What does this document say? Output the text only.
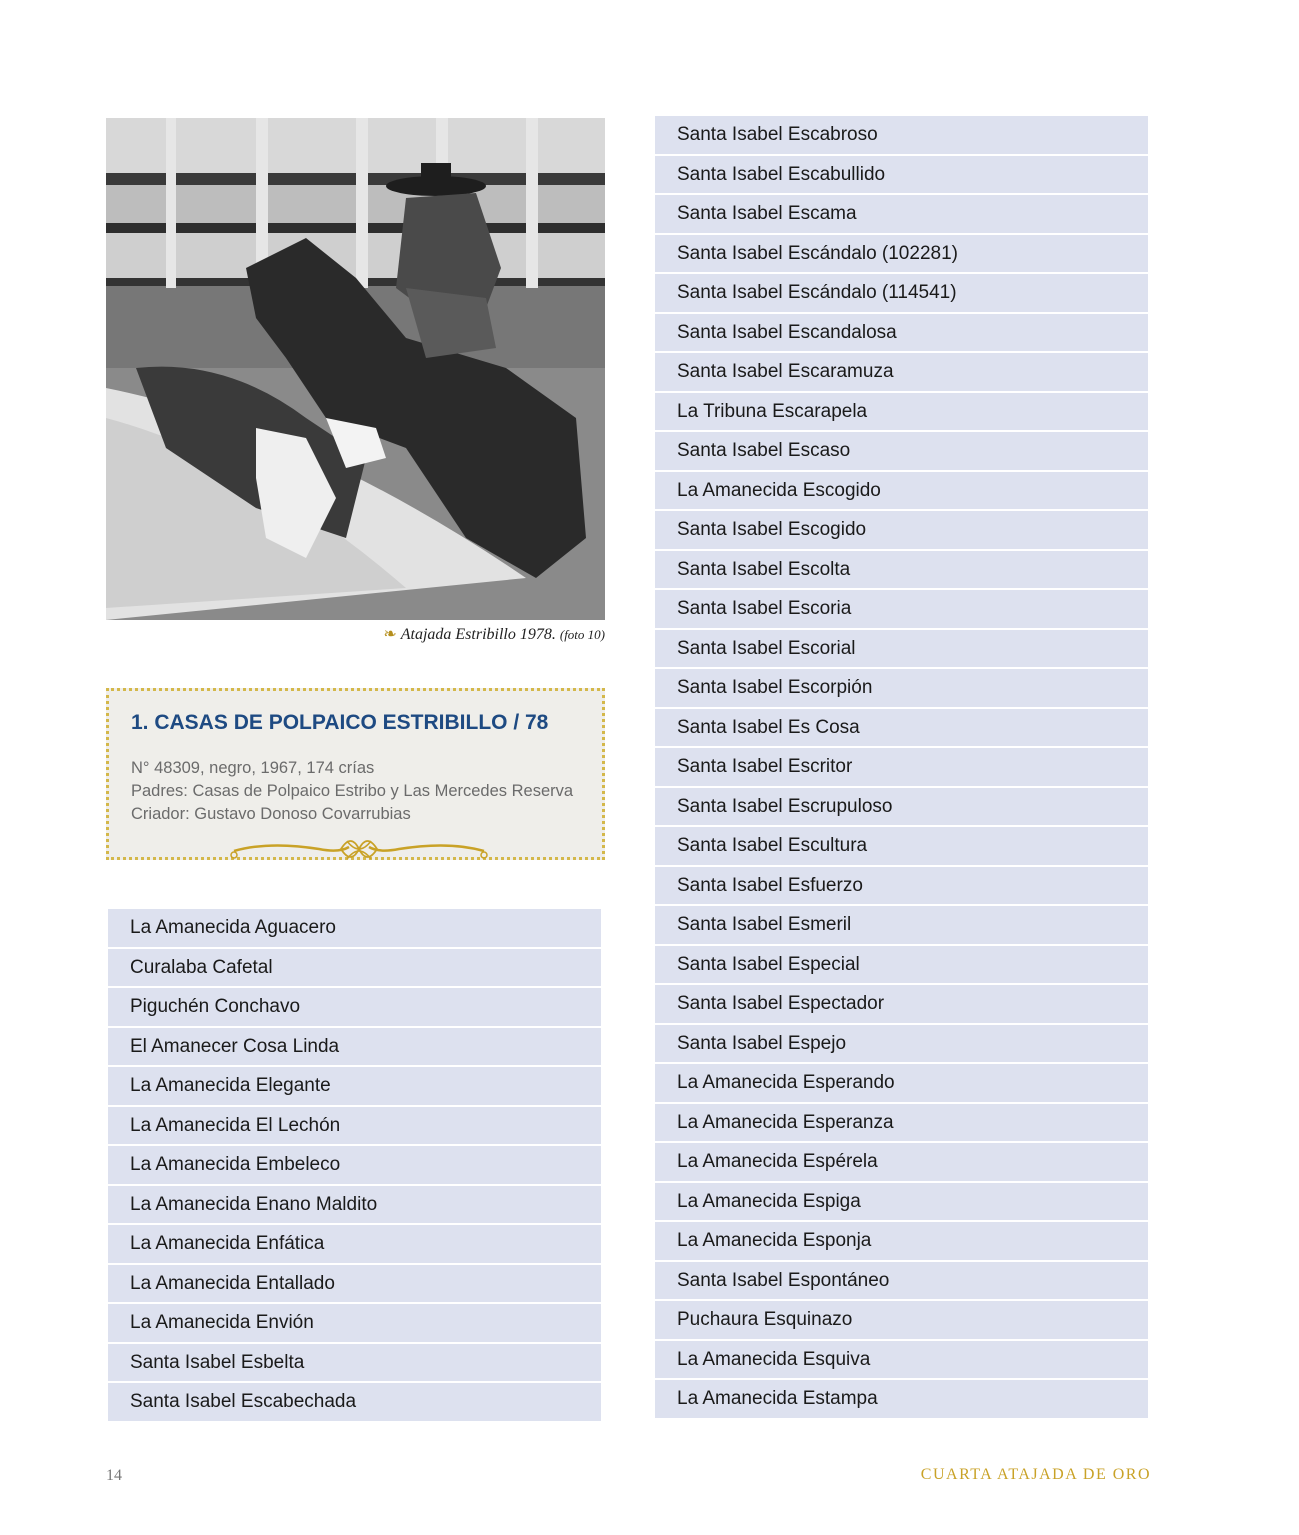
❧ Atajada Estribillo 1978. (foto 10)
1. CASAS DE POLPAICO ESTRIBILLO / 78
N° 48309, negro, 1967, 174 crías
Padres: Casas de Polpaico Estribo y Las Mercedes Reserva
Criador: Gustavo Donoso Covarrubias
La Amanecida Aguacero
Curalaba Cafetal
Piguchén Conchavo
El Amanecer Cosa Linda
La Amanecida Elegante
La Amanecida El Lechón
La Amanecida Embeleco
La Amanecida Enano Maldito
La Amanecida Enfática
La Amanecida Entallado
La Amanecida Envión
Santa Isabel Esbelta
Santa Isabel Escabechada
Santa Isabel Escabroso
Santa Isabel Escabullido
Santa Isabel Escama
Santa Isabel Escándalo (102281)
Santa Isabel Escándalo (114541)
Santa Isabel Escandalosa
Santa Isabel Escaramuza
La Tribuna Escarapela
Santa Isabel Escaso
La Amanecida Escogido
Santa Isabel Escogido
Santa Isabel Escolta
Santa Isabel Escoria
Santa Isabel Escorial
Santa Isabel Escorpión
Santa Isabel Es Cosa
Santa Isabel Escritor
Santa Isabel Escrupuloso
Santa Isabel Escultura
Santa Isabel Esfuerzo
Santa Isabel Esmeril
Santa Isabel Especial
Santa Isabel Espectador
Santa Isabel Espejo
La Amanecida Esperando
La Amanecida Esperanza
La Amanecida Espérela
La Amanecida Espiga
La Amanecida Esponja
Santa Isabel Espontáneo
Puchaura Esquinazo
La Amanecida Esquiva
La Amanecida Estampa
14	CUARTA ATAJADA DE ORO
